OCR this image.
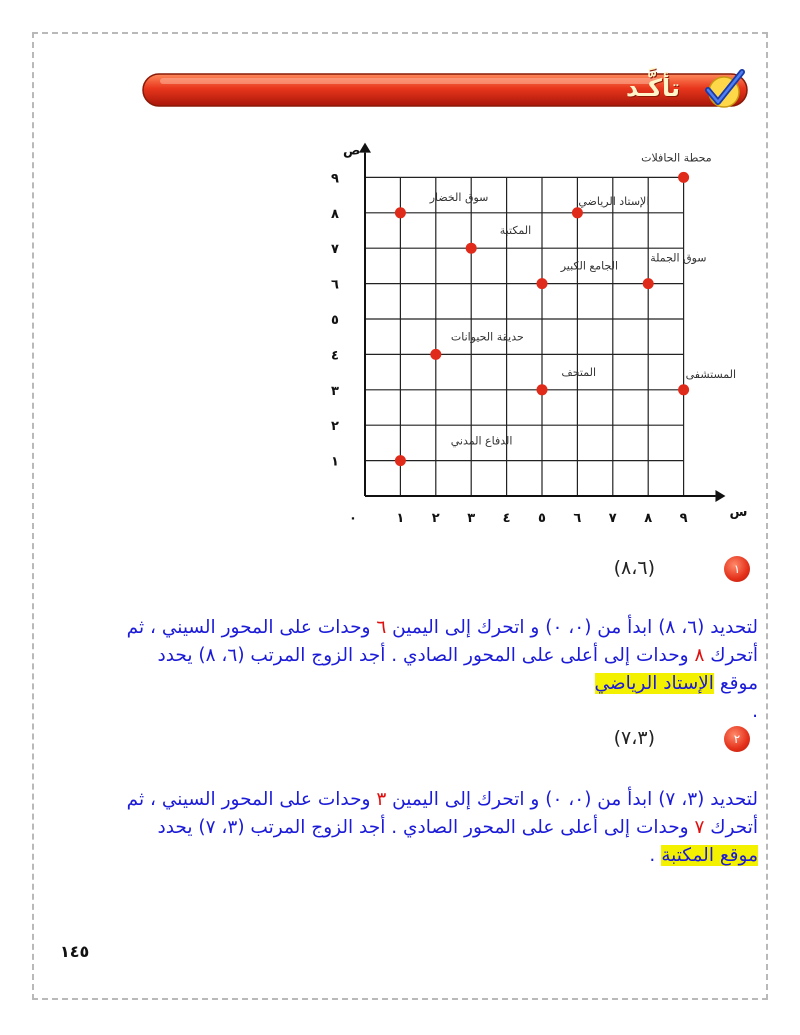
تأكَّـد
س
ص
٠	١ ٢ ٣ ٤ ٥ ٦ ٧ ٨ ٩
١
٢
٣
٤
٥
٦
٧
٨
٩
محطة الحافلات
سوق الخضار	الإستاد الرياضي
المكتبة
الجامع الكبير
سوق الجملة
حديقة الحيوانات
المتحف	المستشفى
الدفاع المدني
١
(٨،٦)
لتحديد (٦، ٨) ابدأ من (٠، ٠) و اتحرك إلى اليمين ٦ وحدات على المحور السيني ، ثم
أتحرك ٨ وحدات إلى أعلى على المحور الصادي . أجد الزوج المرتب (٦، ٨) يحدد
موقع الإستاد الرياضي
.
٢
(٧،٣)
لتحديد (٣، ٧) ابدأ من (٠، ٠) و اتحرك إلى اليمين ٣ وحدات على المحور السيني ، ثم
أتحرك ٧ وحدات إلى أعلى على المحور الصادي . أجد الزوج المرتب (٣، ٧) يحدد
موقع المكتبة .
١٤٥
